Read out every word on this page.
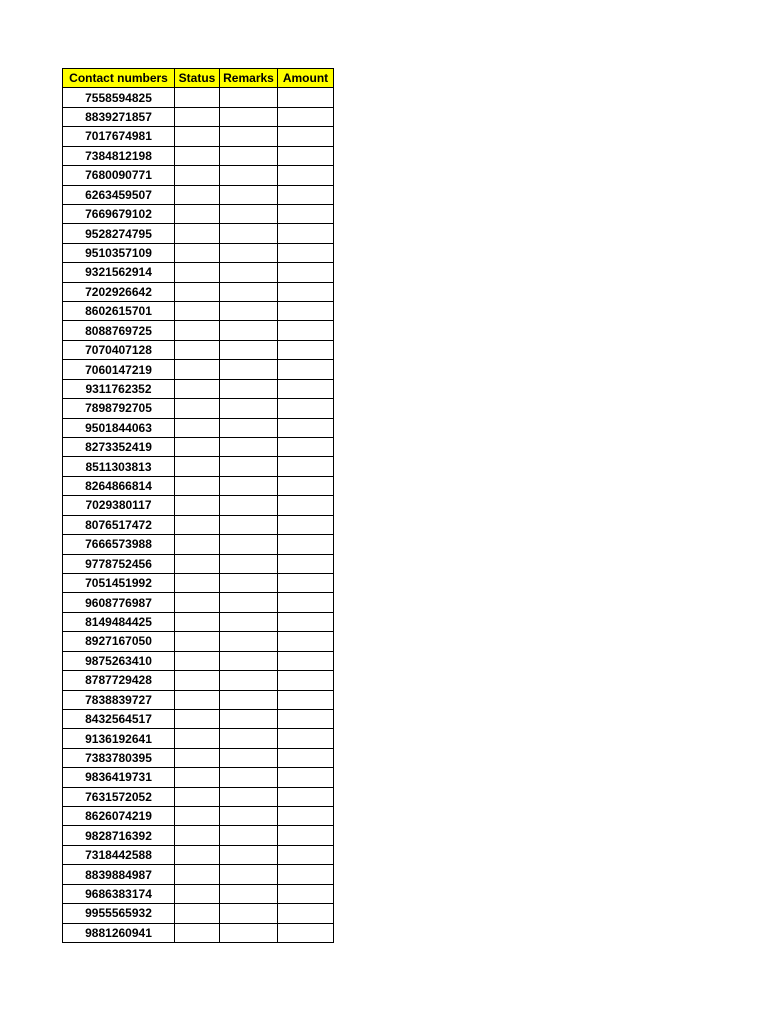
Contact numbers	Status	Remarks	Amount
7558594825			
8839271857			
7017674981			
7384812198			
7680090771			
6263459507			
7669679102			
9528274795			
9510357109			
9321562914			
7202926642			
8602615701			
8088769725			
7070407128			
7060147219			
9311762352			
7898792705			
9501844063			
8273352419			
8511303813			
8264866814			
7029380117			
8076517472			
7666573988			
9778752456			
7051451992			
9608776987			
8149484425			
8927167050			
9875263410			
8787729428			
7838839727			
8432564517			
9136192641			
7383780395			
9836419731			
7631572052			
8626074219			
9828716392			
7318442588			
8839884987			
9686383174			
9955565932			
9881260941			
